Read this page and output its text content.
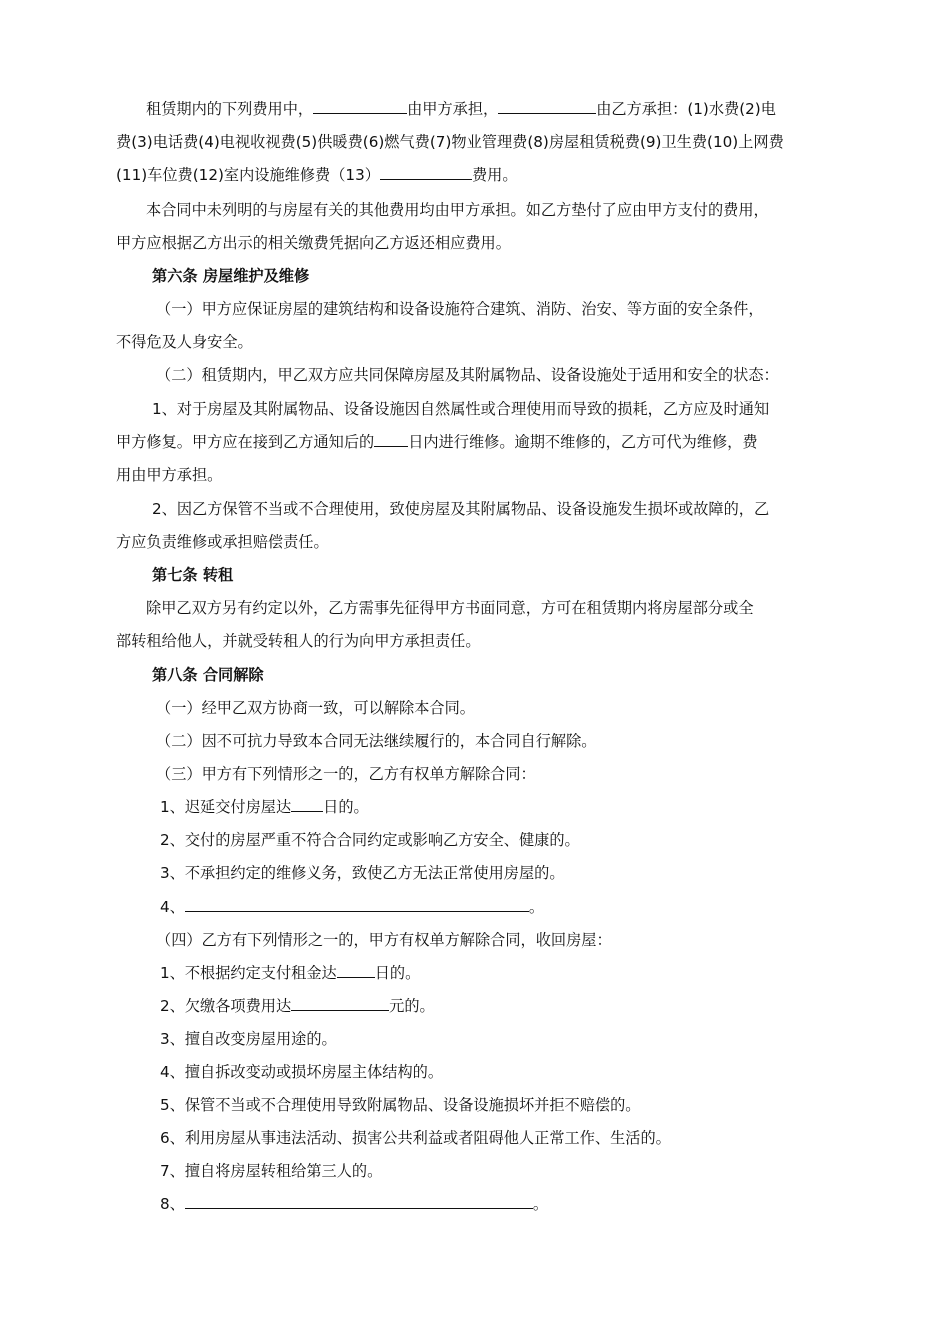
租赁期内的下列费用中，	由甲方承担，	由乙方承担：(1)水费(2)电
费(3)电话费(4)电视收视费(5)供暖费(6)燃气费(7)物业管理费(8)房屋租赁税费(9)卫生费(10)上网费
(11)车位费(12)室内设施维修费（13）	费用。
本合同中未列明的与房屋有关的其他费用均由甲方承担。如乙方垫付了应由甲方支付的费用，
甲方应根据乙方出示的相关缴费凭据向乙方返还相应费用。
第六条 房屋维护及维修
（一）甲方应保证房屋的建筑结构和设备设施符合建筑、消防、治安、等方面的安全条件，
不得危及人身安全。
（二）租赁期内，甲乙双方应共同保障房屋及其附属物品、设备设施处于适用和安全的状态：
1、对于房屋及其附属物品、设备设施因自然属性或合理使用而导致的损耗，乙方应及时通知
甲方修复。甲方应在接到乙方通知后的 日内进行维修。逾期不维修的，乙方可代为维修，费
用由甲方承担。
2、因乙方保管不当或不合理使用，致使房屋及其附属物品、设备设施发生损坏或故障的，乙
方应负责维修或承担赔偿责任。
第七条 转租
除甲乙双方另有约定以外，乙方需事先征得甲方书面同意，方可在租赁期内将房屋部分或全
部转租给他人，并就受转租人的行为向甲方承担责任。
第八条 合同解除
（一）经甲乙双方协商一致，可以解除本合同。
（二）因不可抗力导致本合同无法继续履行的，本合同自行解除。
（三）甲方有下列情形之一的，乙方有权单方解除合同：
1、迟延交付房屋达 日的。
2、交付的房屋严重不符合合同约定或影响乙方安全、健康的。
3、不承担约定的维修义务，致使乙方无法正常使用房屋的。
4、	。
（四）乙方有下列情形之一的，甲方有权单方解除合同，收回房屋：
1、不根据约定支付租金达	日的。
2、欠缴各项费用达	元的。
3、擅自改变房屋用途的。
4、擅自拆改变动或损坏房屋主体结构的。
5、保管不当或不合理使用导致附属物品、设备设施损坏并拒不赔偿的。
6、利用房屋从事违法活动、损害公共利益或者阻碍他人正常工作、生活的。
7、擅自将房屋转租给第三人的。
8、	。
